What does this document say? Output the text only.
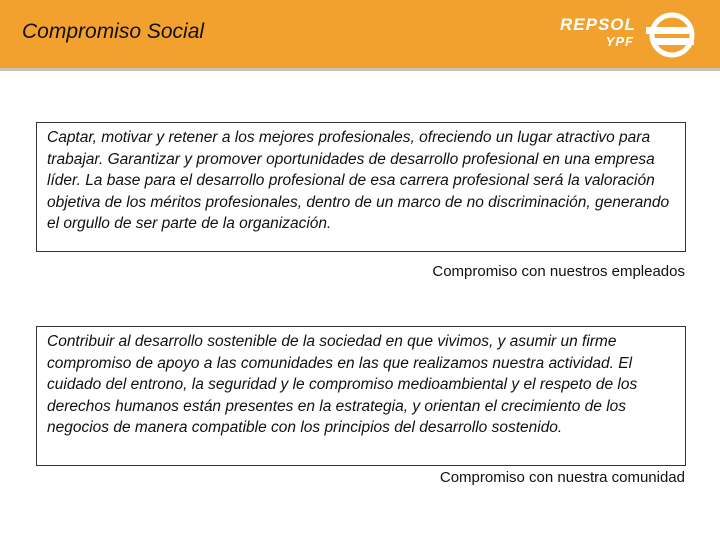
Compromiso Social	REPSOL
YPF
Captar, motivar y retener a los mejores profesionales, ofreciendo un lugar atractivo para trabajar. Garantizar y promover oportunidades de desarrollo profesional en una empresa líder. La base para el desarrollo profesional de esa carrera profesional será la valoración objetiva de los méritos profesionales, dentro de un marco de no discriminación, generando el orgullo de ser parte de la organización.
Compromiso con nuestros empleados
Contribuir al desarrollo sostenible de la sociedad en que vivimos, y asumir un firme compromiso de apoyo a las comunidades en las que realizamos nuestra actividad. El cuidado del entrono, la seguridad y le compromiso medioambiental y el respeto de los derechos humanos están presentes en la estrategia, y orientan el crecimiento de los negocios de manera compatible con los principios del desarrollo sostenido.
Compromiso con nuestra comunidad
